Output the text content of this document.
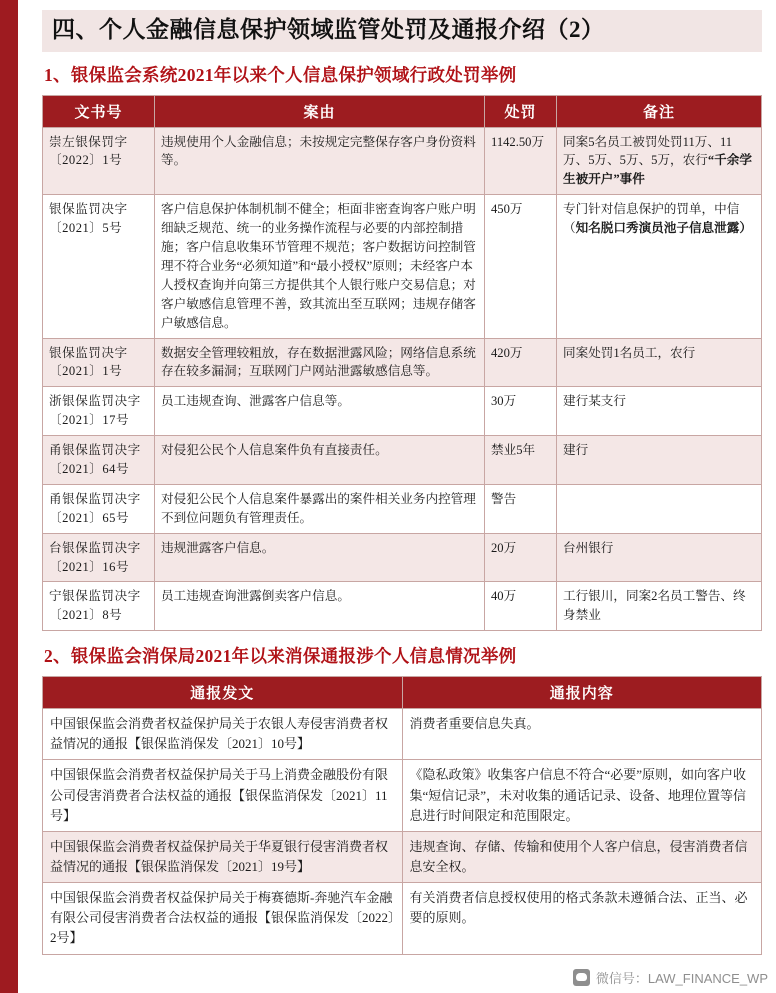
四、个人金融信息保护领域监管处罚及通报介绍（2）
1、银保监会系统2021年以来个人信息保护领域行政处罚举例
文书号	案由	处罚	备注
崇左银保罚字〔2022〕1号	违规使用个人金融信息；未按规定完整保存客户身份资料等。	1142.50万	同案5名员工被罚处罚11万、11万、5万、5万、5万，农行“千余学生被开户”事件
银保监罚决字〔2021〕5号	客户信息保护体制机制不健全；柜面非密查询客户账户明细缺乏规范、统一的业务操作流程与必要的内部控制措施；客户信息收集环节管理不规范；客户数据访问控制管理不符合业务“必须知道”和“最小授权”原则；未经客户本人授权查询并向第三方提供其个人银行账户交易信息；对客户敏感信息管理不善，致其流出至互联网；违规存储客户敏感信息。	450万	专门针对信息保护的罚单，中信（知名脱口秀演员池子信息泄露）
银保监罚决字〔2021〕1号	数据安全管理较粗放，存在数据泄露风险；网络信息系统存在较多漏洞；互联网门户网站泄露敏感信息等。	420万	同案处罚1名员工，农行
浙银保监罚决字〔2021〕17号	员工违规查询、泄露客户信息等。	30万	建行某支行
甬银保监罚决字〔2021〕64号	对侵犯公民个人信息案件负有直接责任。	禁业5年	建行
甬银保监罚决字〔2021〕65号	对侵犯公民个人信息案件暴露出的案件相关业务内控管理不到位问题负有管理责任。	警告	
台银保监罚决字〔2021〕16号	违规泄露客户信息。	20万	台州银行
宁银保监罚决字〔2021〕8号	员工违规查询泄露倒卖客户信息。	40万	工行银川，同案2名员工警告、终身禁业
2、银保监会消保局2021年以来消保通报涉个人信息情况举例
通报发文	通报内容
中国银保监会消费者权益保护局关于农银人寿侵害消费者权益情况的通报【银保监消保发〔2021〕10号】	消费者重要信息失真。
中国银保监会消费者权益保护局关于马上消费金融股份有限公司侵害消费者合法权益的通报【银保监消保发〔2021〕11号】	《隐私政策》收集客户信息不符合“必要”原则，如向客户收集“短信记录”，未对收集的通话记录、设备、地理位置等信息进行时间限定和范围限定。
中国银保监会消费者权益保护局关于华夏银行侵害消费者权益情况的通报【银保监消保发〔2021〕19号】	违规查询、存储、传输和使用个人客户信息，侵害消费者信息安全权。
中国银保监会消费者权益保护局关于梅赛德斯-奔驰汽车金融有限公司侵害消费者合法权益的通报【银保监消保发〔2022〕2号】	有关消费者信息授权使用的格式条款未遵循合法、正当、必要的原则。
微信号：LAW_FINANCE_WP
